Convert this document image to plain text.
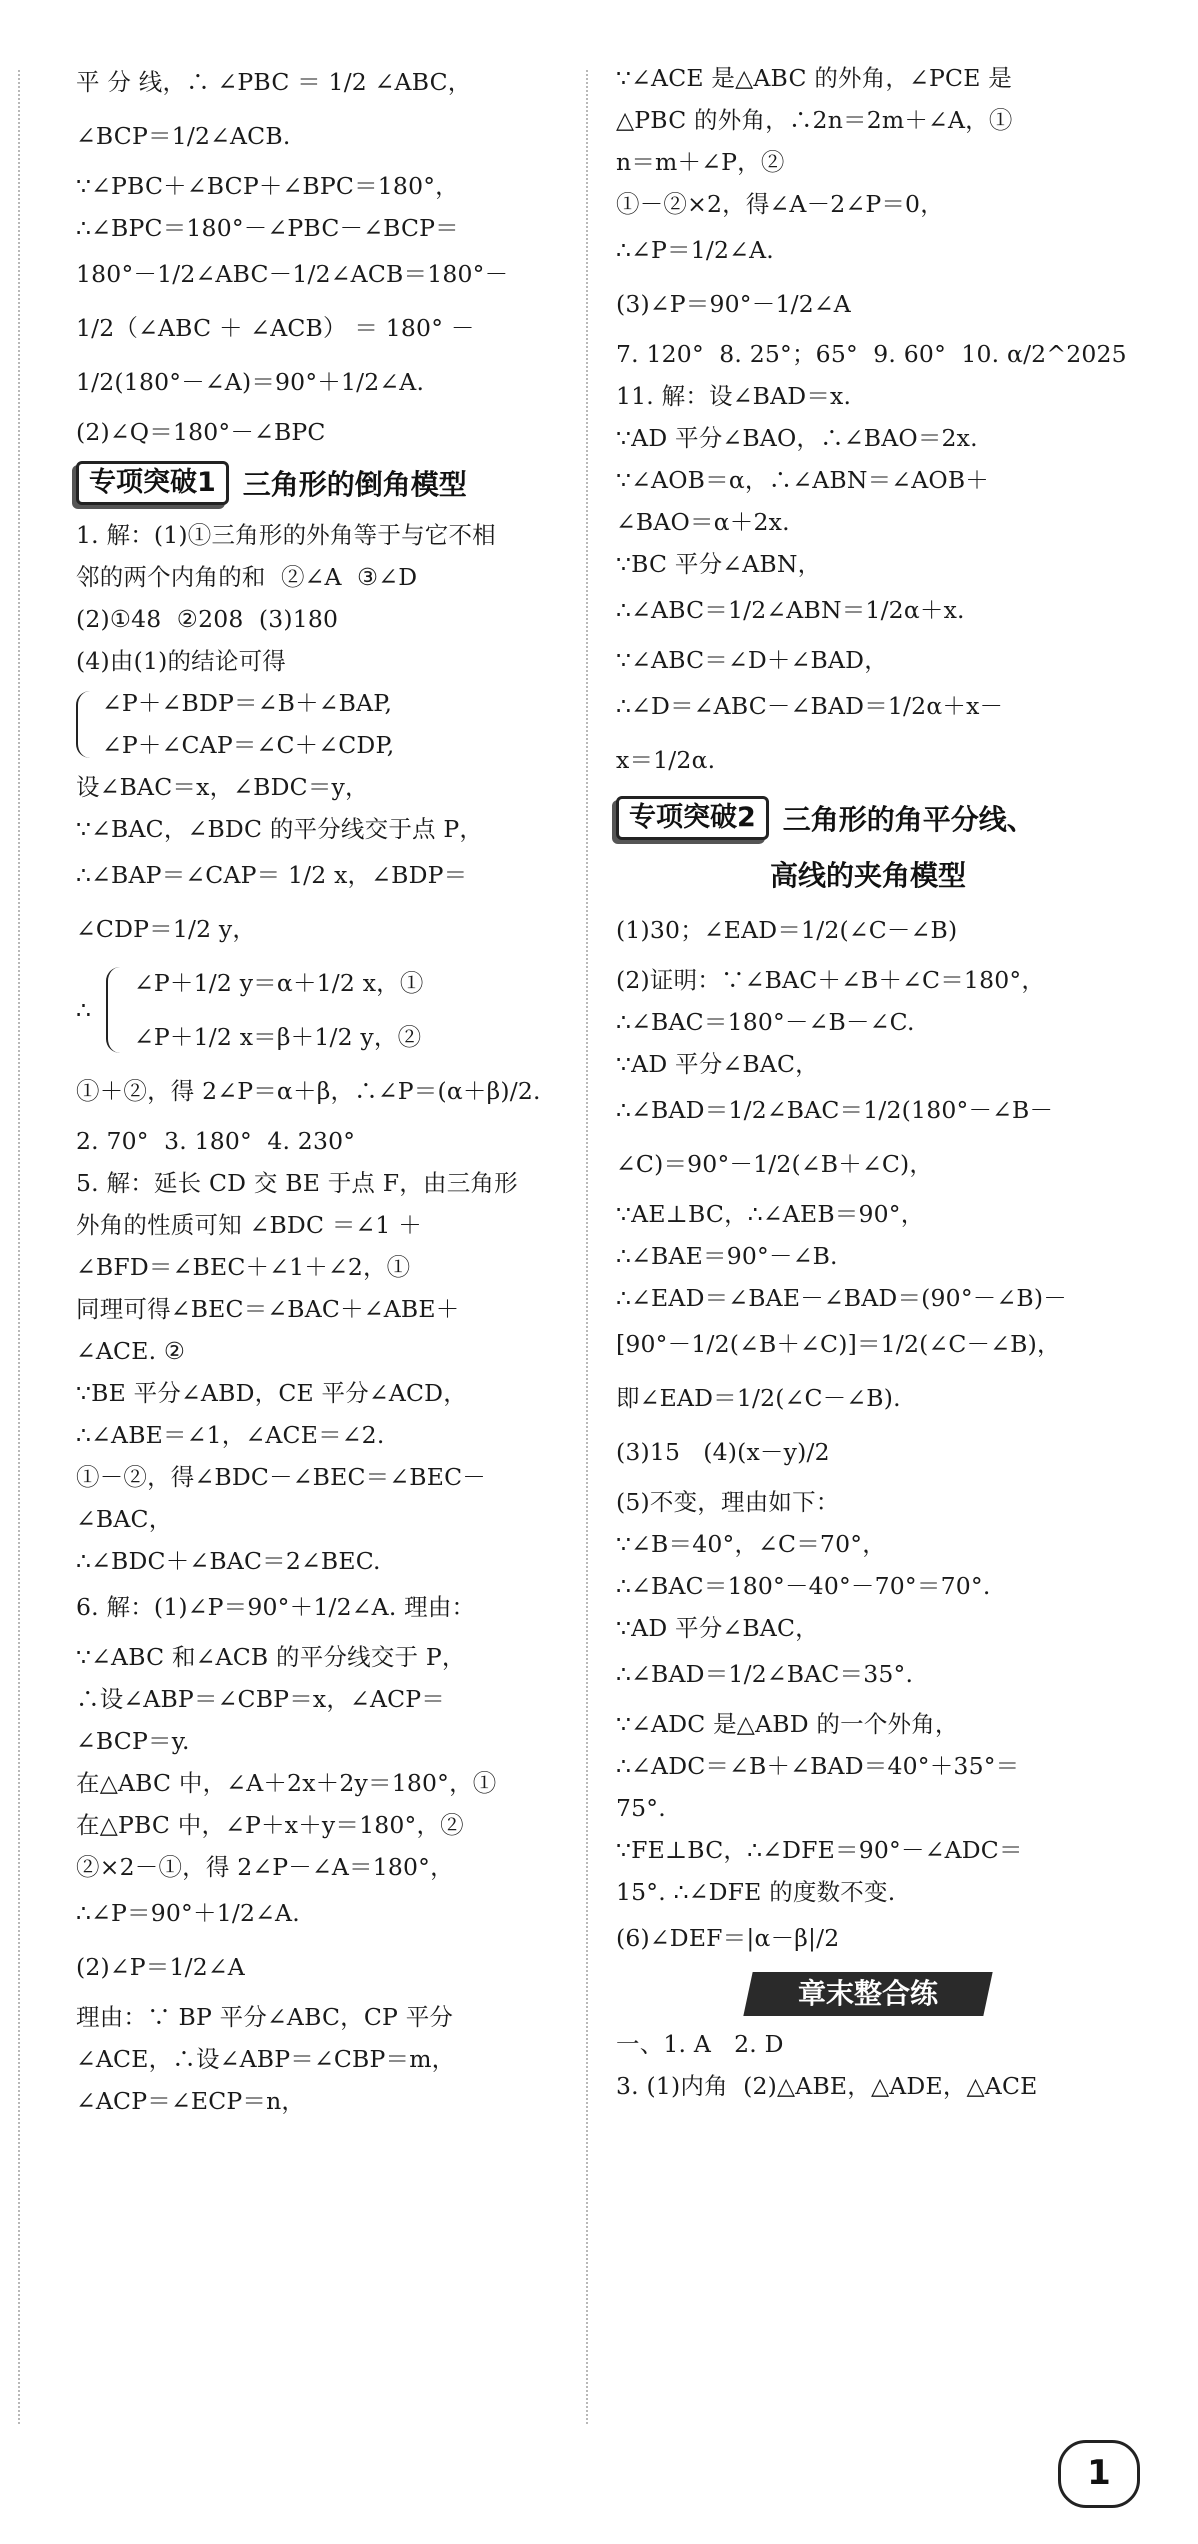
平 分 线，∴ ∠PBC ＝ 1/2 ∠ABC，
∠BCP＝1/2∠ACB.
∵∠PBC＋∠BCP＋∠BPC＝180°，
∴∠BPC＝180°－∠PBC－∠BCP＝
180°－1/2∠ABC－1/2∠ACB＝180°－
1/2（∠ABC ＋ ∠ACB） ＝ 180° －
1/2(180°－∠A)＝90°＋1/2∠A.
(2)∠Q＝180°－∠BPC
专项突破1 三角形的倒角模型
1. 解：(1)①三角形的外角等于与它不相
邻的两个内角的和  ②∠A  ③∠D
(2)①48  ②208  (3)180
(4)由(1)的结论可得
∠P＋∠BDP＝∠B＋∠BAP,
∠P＋∠CAP＝∠C＋∠CDP,
设∠BAC＝x，∠BDC＝y，
∵∠BAC，∠BDC 的平分线交于点 P，
∴∠BAP＝∠CAP＝ 1/2 x，∠BDP＝
∠CDP＝1/2 y，
∴
∠P＋1/2 y＝α＋1/2 x，①
∠P＋1/2 x＝β＋1/2 y，②
①＋②，得 2∠P＝α＋β，∴∠P＝(α＋β)/2.
2. 70°  3. 180°  4. 230°
5. 解：延长 CD 交 BE 于点 F，由三角形
外角的性质可知 ∠BDC ＝∠1 ＋
∠BFD＝∠BEC＋∠1＋∠2，①
同理可得∠BEC＝∠BAC＋∠ABE＋
∠ACE. ②
∵BE 平分∠ABD，CE 平分∠ACD，
∴∠ABE＝∠1，∠ACE＝∠2.
①－②，得∠BDC－∠BEC＝∠BEC－
∠BAC，
∴∠BDC＋∠BAC＝2∠BEC.
6. 解：(1)∠P＝90°＋1/2∠A. 理由：
∵∠ABC 和∠ACB 的平分线交于 P，
∴设∠ABP＝∠CBP＝x，∠ACP＝
∠BCP＝y.
在△ABC 中，∠A＋2x＋2y＝180°，①
在△PBC 中，∠P＋x＋y＝180°，②
②×2－①，得 2∠P－∠A＝180°，
∴∠P＝90°＋1/2∠A.
(2)∠P＝1/2∠A
理由：∵ BP 平分∠ABC，CP 平分
∠ACE，∴设∠ABP＝∠CBP＝m，
∠ACP＝∠ECP＝n，
∵∠ACE 是△ABC 的外角，∠PCE 是
△PBC 的外角，∴2n＝2m＋∠A，①
n＝m＋∠P，②
①－②×2，得∠A－2∠P＝0，
∴∠P＝1/2∠A.
(3)∠P＝90°－1/2∠A
7. 120°  8. 25°；65°  9. 60°  10. α/2^2025
11. 解：设∠BAD＝x.
∵AD 平分∠BAO，∴∠BAO＝2x.
∵∠AOB＝α，∴∠ABN＝∠AOB＋
∠BAO＝α＋2x.
∵BC 平分∠ABN，
∴∠ABC＝1/2∠ABN＝1/2α＋x.
∵∠ABC＝∠D＋∠BAD，
∴∠D＝∠ABC－∠BAD＝1/2α＋x－
x＝1/2α.
专项突破2 三角形的角平分线、
高线的夹角模型
(1)30；∠EAD＝1/2(∠C－∠B)
(2)证明：∵∠BAC＋∠B＋∠C＝180°，
∴∠BAC＝180°－∠B－∠C.
∵AD 平分∠BAC，
∴∠BAD＝1/2∠BAC＝1/2(180°－∠B－
∠C)＝90°－1/2(∠B＋∠C)，
∵AE⊥BC，∴∠AEB＝90°，
∴∠BAE＝90°－∠B.
∴∠EAD＝∠BAE－∠BAD＝(90°－∠B)－
[90°－1/2(∠B＋∠C)]＝1/2(∠C－∠B)，
即∠EAD＝1/2(∠C－∠B).
(3)15   (4)(x－y)/2
(5)不变，理由如下：
∵∠B＝40°，∠C＝70°，
∴∠BAC＝180°－40°－70°＝70°.
∵AD 平分∠BAC，
∴∠BAD＝1/2∠BAC＝35°.
∵∠ADC 是△ABD 的一个外角，
∴∠ADC＝∠B＋∠BAD＝40°＋35°＝
75°.
∵FE⊥BC，∴∠DFE＝90°－∠ADC＝
15°. ∴∠DFE 的度数不变.
(6)∠DEF＝|α－β|/2
章末整合练
一、1. A   2. D
3. (1)内角  (2)△ABE，△ADE，△ACE
1
